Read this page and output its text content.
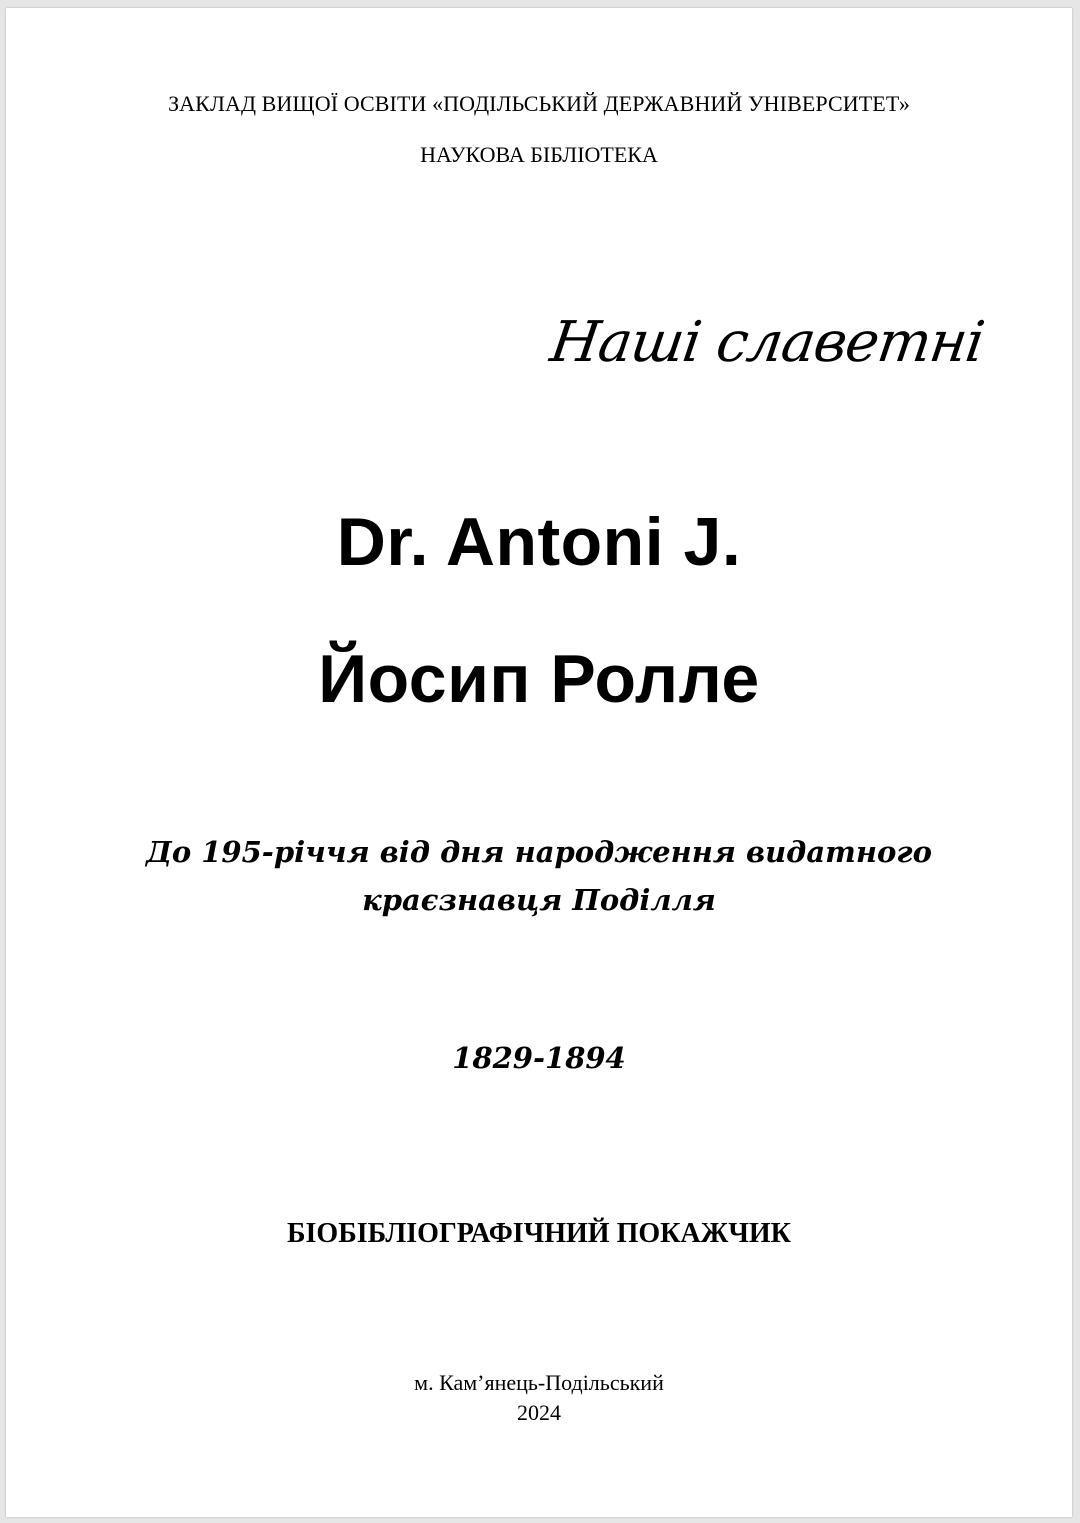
ЗАКЛАД ВИЩОЇ ОСВІТИ «ПОДІЛЬСЬКИЙ ДЕРЖАВНИЙ УНІВЕРСИТЕТ»
НАУКОВА БІБЛІОТЕКА
Наші славетні
Dr. Antoni J.
Йосип Ролле
До 195-річчя від дня народження видатного
краєзнавця Поділля
1829-1894
БІОБІБЛІОГРАФІЧНИЙ ПОКАЖЧИК
м. Кам’янець-Подільський
2024
